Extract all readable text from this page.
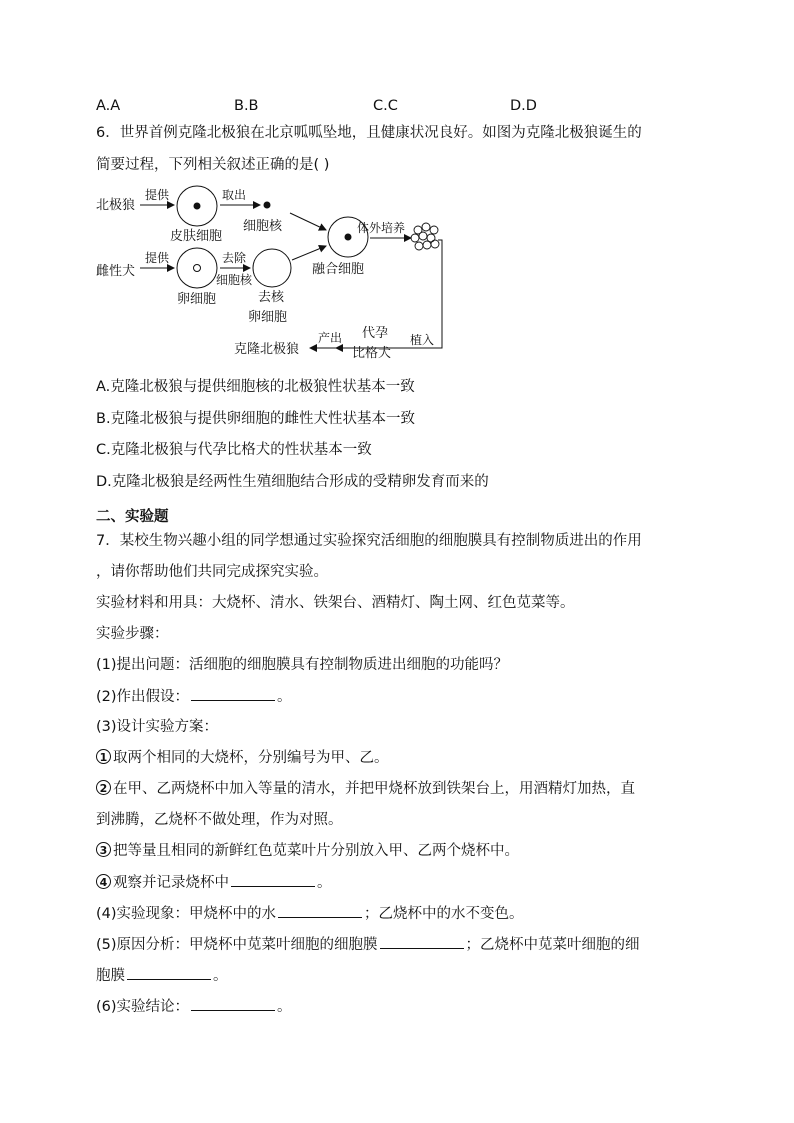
A.A	B.B	C.C	D.D
6．世界首例克隆北极狼在北京呱呱坠地，且健康状况良好。如图为克隆北极狼诞生的
简要过程，下列相关叙述正确的是( )
北极狼
提供
皮肤细胞
取出
细胞核
雌性犬
提供
卵细胞
去除
细胞核
去核
卵细胞
融合细胞
体外培养
植入
代孕
比格犬
产出
克隆北极狼
A.克隆北极狼与提供细胞核的北极狼性状基本一致
B.克隆北极狼与提供卵细胞的雌性犬性状基本一致
C.克隆北极狼与代孕比格犬的性状基本一致
D.克隆北极狼是经两性生殖细胞结合形成的受精卵发育而来的
二、实验题
7．某校生物兴趣小组的同学想通过实验探究活细胞的细胞膜具有控制物质进出的作用
，请你帮助他们共同完成探究实验。
实验材料和用具：大烧杯、清水、铁架台、酒精灯、陶土网、红色苋菜等。
实验步骤：
(1)提出问题：活细胞的细胞膜具有控制物质进出细胞的功能吗？
(2)作出假设：	。
(3)设计实验方案：
1 取两个相同的大烧杯，分别编号为甲、乙。
2 在甲、乙两烧杯中加入等量的清水，并把甲烧杯放到铁架台上，用酒精灯加热，直
到沸腾，乙烧杯不做处理，作为对照。
3 把等量且相同的新鲜红色苋菜叶片分别放入甲、乙两个烧杯中。
4 观察并记录烧杯中	。
(4)实验现象：甲烧杯中的水	；乙烧杯中的水不变色。
(5)原因分析：甲烧杯中苋菜叶细胞的细胞膜	；乙烧杯中苋菜叶细胞的细
胞膜	。
(6)实验结论：	。
